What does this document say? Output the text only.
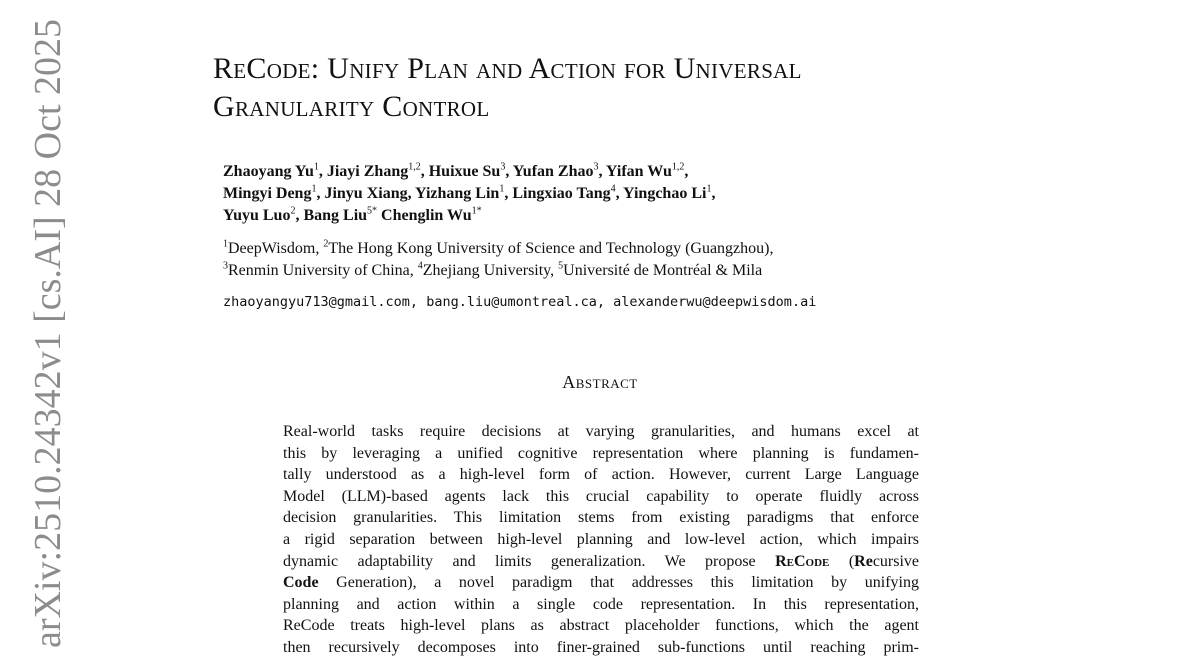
arXiv:2510.24342v1 [cs.AI] 28 Oct 2025	ReCode: Unify Plan and Action for Universal
Granularity Control
Zhaoyang Yu$^1$, Jiayi Zhang$^{1,2}$, Huixue Su$^3$, Yufan Zhao$^3$, Yifan Wu$^{1,2}$,
Mingyi Deng$^1$, Jinyu Xiang, Yizhang Lin$^1$, Lingxiao Tang$^4$, Yingchao Li$^1$,
Yuyu Luo$^2$, Bang Liu$^{5*}$ Chenglin $Wu^{1*}$
$^1$DeepWisdom, $^2$The Hong Kong University of Science and Technology (Guangzhou),
$^3$Renmin University of China, $^4$Zhejiang University, $^5$Université de Montréal & Mila
zhaoyangyu713@gmail.com, bang.liu@umontreal.ca, alexanderwu@deepwisdom.ai
Abstract
Real-world tasks require decisions at varying granularities, and humans excel at
this by leveraging a unified cognitive representation where planning is fundamen-
tally understood as a high-level form of action. However, current Large Language
Model (LLM)-based agents lack this crucial capability to operate fluidly across
decision granularities. This limitation stems from existing paradigms that enforce
a rigid separation between high-level planning and low-level action, which impairs
dynamic adaptability and limits generalization. We propose ReCode (Recursive
Code Generation), a novel paradigm that addresses this limitation by unifying
planning and action within a single code representation. In this representation,
ReCode treats high-level plans as abstract placeholder functions, which the agent
then recursively decomposes into finer-grained sub-functions until reaching prim-
